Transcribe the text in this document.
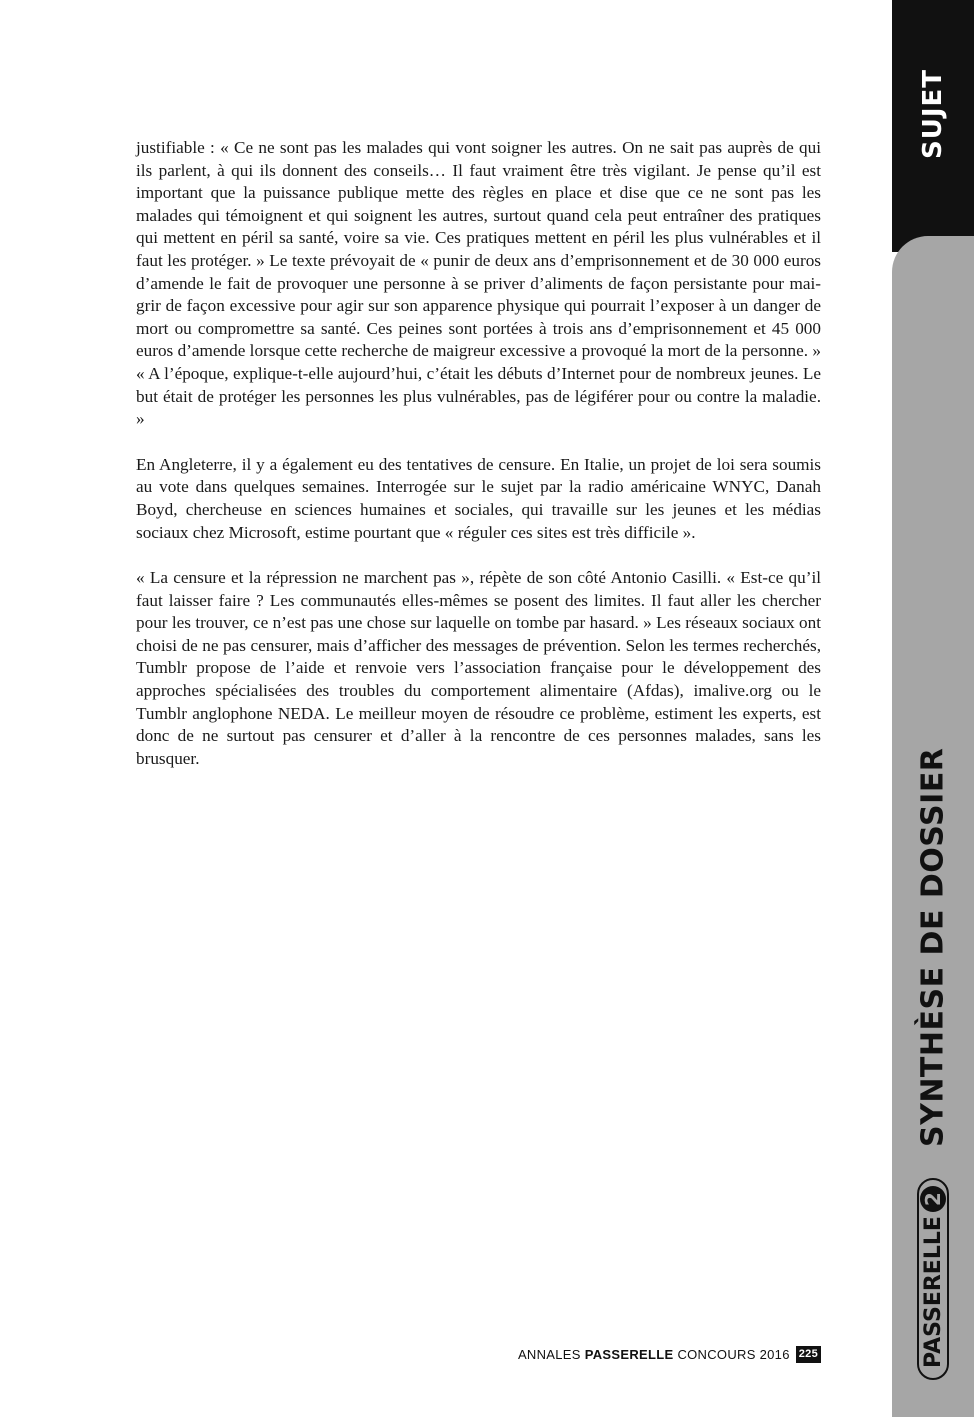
SUJET
SYNTHÈSE DE DOSSIER
PASSERELLE
2

justifiable : « Ce ne sont pas les malades qui vont soigner les autres. On ne sait pas auprès de qui ils parlent, à qui ils donnent des conseils… Il faut vraiment être très vigilant. Je pense qu’il est important que la puissance publique mette des règles en place et dise que ce ne sont pas les malades qui témoignent et qui soignent les autres, surtout quand cela peut entraîner des pratiques qui mettent en péril sa santé, voire sa vie. Ces pratiques mettent en péril les plus vulnérables et il faut les protéger. » Le texte prévoyait de « punir de deux ans d’emprisonnement et de 30 000 euros d’amende le fait de provoquer une personne à se priver d’aliments de façon persistante pour maigrir de façon excessive pour agir sur son apparence physique qui pourrait l’exposer à un danger de mort ou compromettre sa santé. Ces peines sont portées à trois ans d’emprisonnement et 45 000 euros d’amende lorsque cette recherche de maigreur excessive a provoqué la mort de la personne. » « A l’époque, explique-t-elle aujourd’hui, c’était les débuts d’Internet pour de nombreux jeunes. Le but était de protéger les personnes les plus vulnérables, pas de légiférer pour ou contre la maladie. »

En Angleterre, il y a également eu des tentatives de censure. En Italie, un projet de loi sera soumis au vote dans quelques semaines. Interrogée sur le sujet par la radio américaine WNYC, Danah Boyd, chercheuse en sciences humaines et sociales, qui travaille sur les jeunes et les médias sociaux chez Microsoft, estime pourtant que « réguler ces sites est très difficile ».

« La censure et la répression ne marchent pas », répète de son côté Antonio Casilli. « Est-ce qu’il faut laisser faire ? Les communautés elles-mêmes se posent des limites. Il faut aller les chercher pour les trouver, ce n’est pas une chose sur laquelle on tombe par hasard. » Les réseaux sociaux ont choisi de ne pas censurer, mais d’afficher des messages de prévention. Selon les termes recherchés, Tumblr propose de l’aide et renvoie vers l’association française pour le développement des approches spécialisées des troubles du comportement alimentaire (Afdas), imalive.org ou le Tumblr anglophone NEDA. Le meilleur moyen de résoudre ce problème, estiment les experts, est donc de ne surtout pas censurer et d’aller à la rencontre de ces personnes malades, sans les brusquer.

ANNALES PASSERELLE CONCOURS 2016 225
